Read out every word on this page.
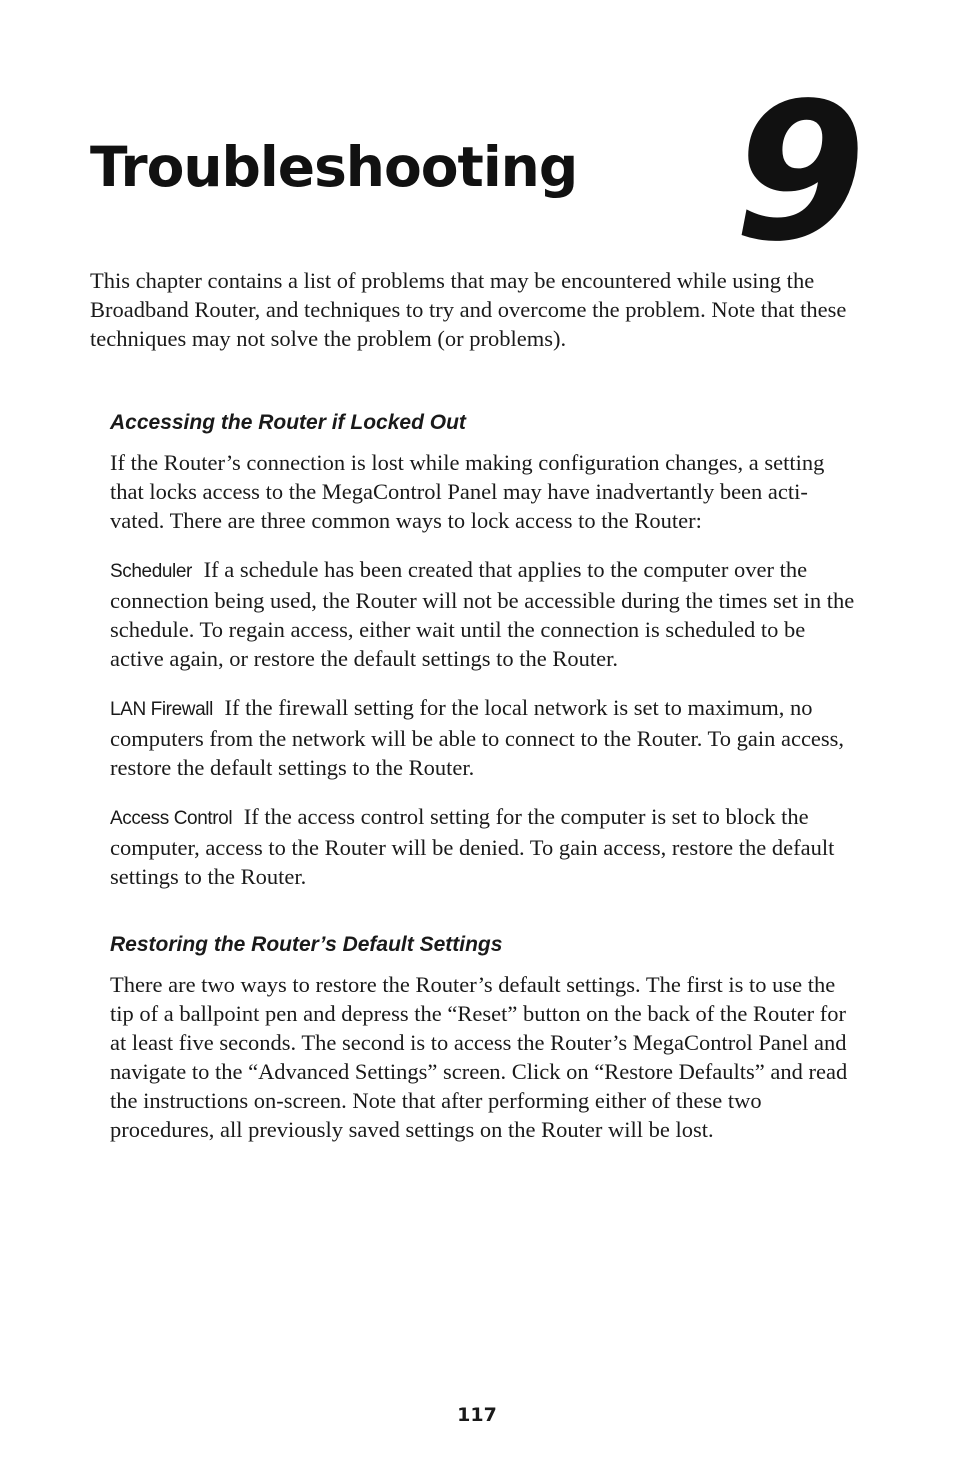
Troubleshooting 9

This chapter contains a list of problems that may be encountered while using the Broadband Router, and techniques to try and overcome the problem. Note that these techniques may not solve the problem (or problems).

Accessing the Router if Locked Out

If the Router’s connection is lost while making configuration changes, a setting that locks access to the MegaControl Panel may have inadvertantly been acti-vated. There are three common ways to lock access to the Router:

Scheduler If a schedule has been created that applies to the computer over the connection being used, the Router will not be accessible during the times set in the schedule. To regain access, either wait until the connection is scheduled to be active again, or restore the default settings to the Router.

LAN Firewall If the firewall setting for the local network is set to maximum, no computers from the network will be able to connect to the Router. To gain access, restore the default settings to the Router.

Access Control If the access control setting for the computer is set to block the computer, access to the Router will be denied. To gain access, restore the default settings to the Router.

Restoring the Router’s Default Settings

There are two ways to restore the Router’s default settings. The first is to use the tip of a ballpoint pen and depress the “Reset” button on the back of the Router for at least five seconds. The second is to access the Router’s MegaControl Panel and navigate to the “Advanced Settings” screen. Click on “Restore Defaults” and read the instructions on-screen. Note that after performing either of these two procedures, all previously saved settings on the Router will be lost.

117
